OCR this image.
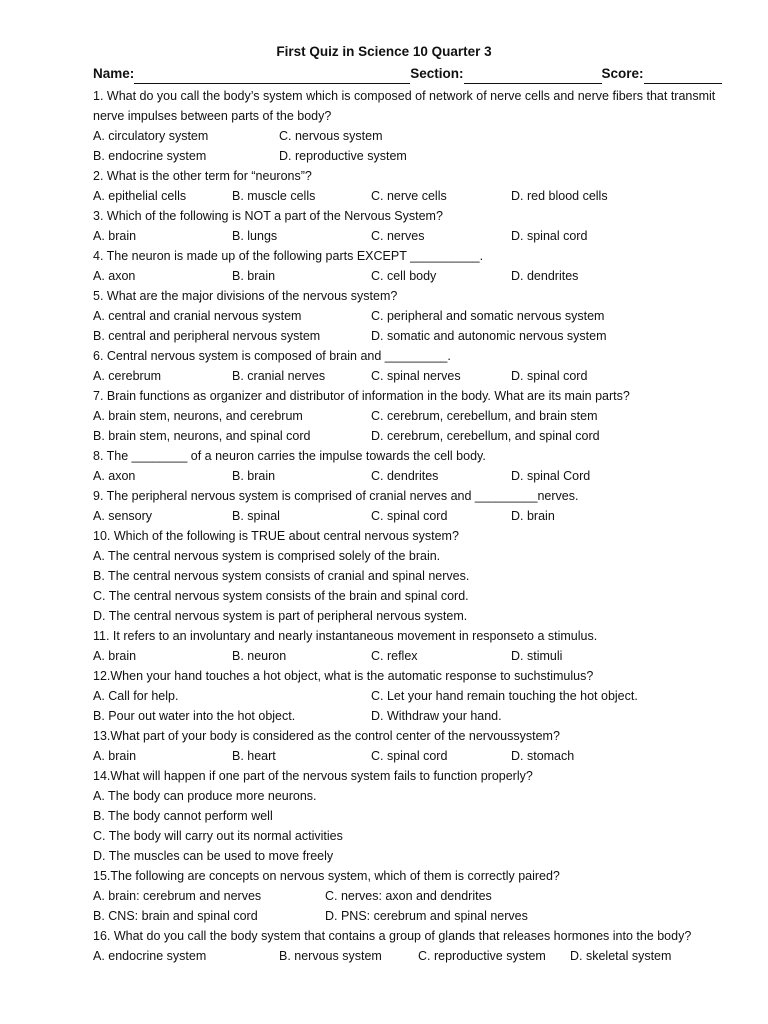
First Quiz in Science 10 Quarter 3
Name:	Section:	Score:
1. What do you call the body’s system which is composed of network of nerve cells and nerve fibers that transmit nerve impulses between parts of the body?
A. circulatory system	C. nervous system
B. endocrine system	D. reproductive system
2. What is the other term for “neurons”?
A. epithelial cells	B. muscle cells	C. nerve cells	D. red blood cells
3. Which of the following is NOT a part of the Nervous System?
A. brain	B. lungs	C. nerves	D. spinal cord
4. The neuron is made up of the following parts EXCEPT __________.
A. axon	B. brain	C. cell body	D. dendrites
5. What are the major divisions of the nervous system?
A. central and cranial nervous system	C. peripheral and somatic nervous system
B. central and peripheral nervous system	D. somatic and autonomic nervous system
6. Central nervous system is composed of brain and _________.
A. cerebrum	B. cranial nerves	C. spinal nerves	D. spinal cord
7. Brain functions as organizer and distributor of information in the body. What are its main parts?
A. brain stem, neurons, and cerebrum	C. cerebrum, cerebellum, and brain stem
B. brain stem, neurons, and spinal cord	D. cerebrum, cerebellum, and spinal cord
8. The ________ of a neuron carries the impulse towards the cell body.
A. axon	B. brain	C. dendrites	D. spinal Cord
9. The peripheral nervous system is comprised of cranial nerves and _________nerves.
A. sensory	B. spinal	C. spinal cord	D. brain
10. Which of the following is TRUE about central nervous system?
A. The central nervous system is comprised solely of the brain.
B. The central nervous system consists of cranial and spinal nerves.
C. The central nervous system consists of the brain and spinal cord.
D. The central nervous system is part of peripheral nervous system.
11. It refers to an involuntary and nearly instantaneous movement in responseto a stimulus.
A. brain	B. neuron	C. reflex	D. stimuli
12.When your hand touches a hot object, what is the automatic response to suchstimulus?
A. Call for help.	C. Let your hand remain touching the hot object.
B. Pour out water into the hot object.	D. Withdraw your hand.
13.What part of your body is considered as the control center of the nervoussystem?
A. brain	B. heart	C. spinal cord	D. stomach
14.What will happen if one part of the nervous system fails to function properly?
A. The body can produce more neurons.
B. The body cannot perform well
C. The body will carry out its normal activities
D. The muscles can be used to move freely
15.The following are concepts on nervous system, which of them is correctly paired?
A. brain: cerebrum and nerves	C. nerves: axon and dendrites
B. CNS: brain and spinal cord	D. PNS: cerebrum and spinal nerves
16. What do you call the body system that contains a group of glands that releases hormones into the body?
A. endocrine system	B. nervous system	C. reproductive system D. skeletal system
